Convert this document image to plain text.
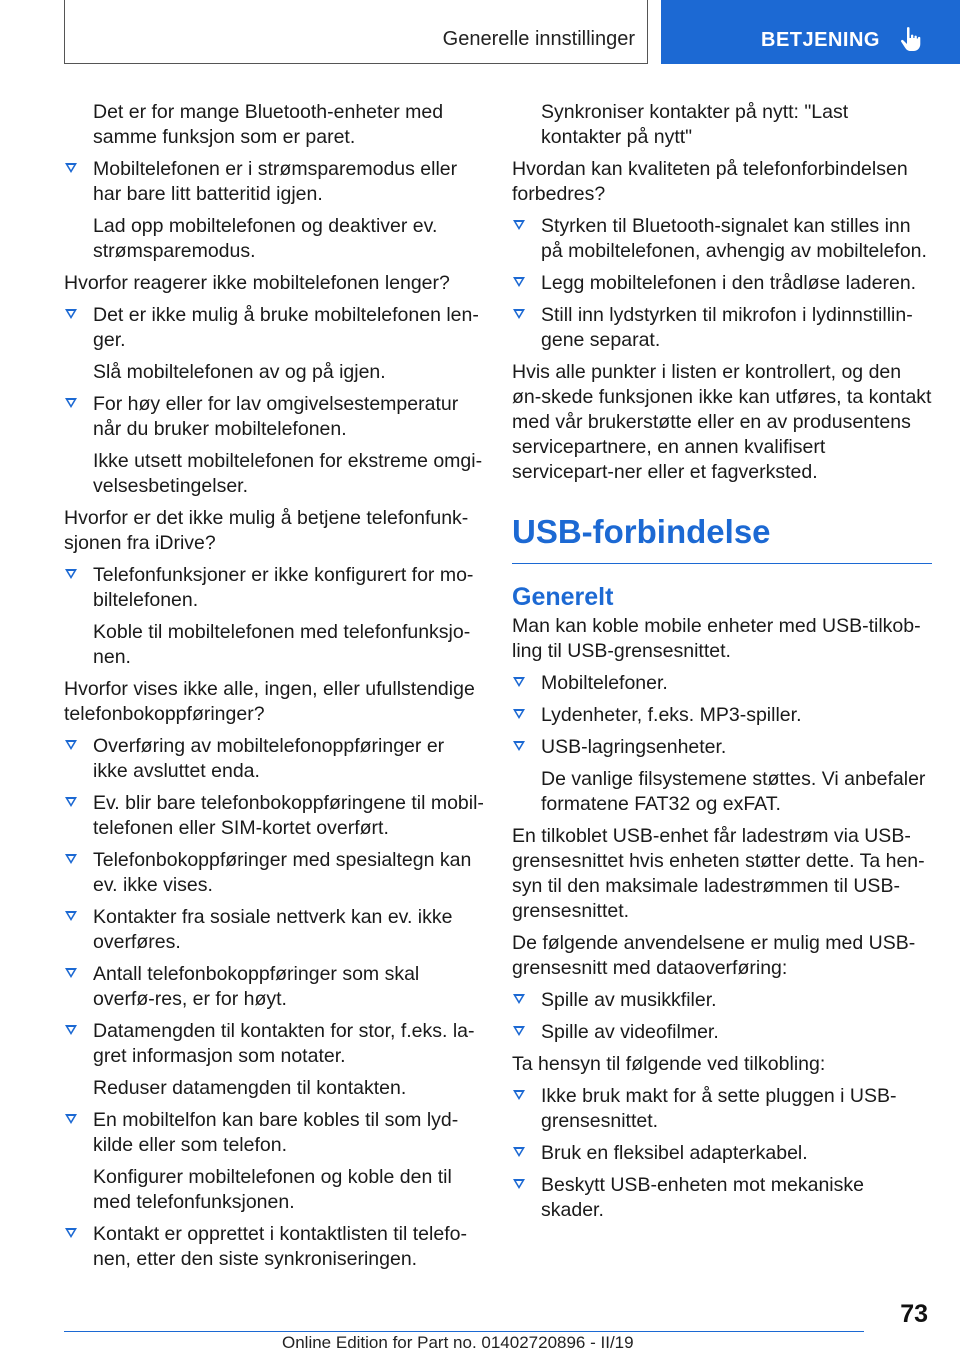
Generelle innstillinger	BETJENING

Det er for mange Bluetooth‐enheter med samme funksjon som er paret.

Mobiltelefonen er i strømsparemodus eller har bare litt batteritid igjen.

Lad opp mobiltelefonen og deaktiver ev. strømsparemodus.

Hvorfor reagerer ikke mobiltelefonen lenger?

Det er ikke mulig å bruke mobiltelefonen len‐ger.

Slå mobiltelefonen av og på igjen.

For høy eller for lav omgivelsestemperatur når du bruker mobiltelefonen.

Ikke utsett mobiltelefonen for ekstreme omgi‐velsesbetingelser.

Hvorfor er det ikke mulig å betjene telefonfunk‐sjonen fra iDrive?

Telefonfunksjoner er ikke konfigurert for mo‐biltelefonen.

Koble til mobiltelefonen med telefonfunksjo‐nen.

Hvorfor vises ikke alle, ingen, eller ufullstendige telefonbokoppføringer?

Overføring av mobiltelefonoppføringer er ikke avsluttet enda.
Ev. blir bare telefonbokoppføringene til mobil‐telefonen eller SIM‐kortet overført.
Telefonbokoppføringer med spesialtegn kan ev. ikke vises.
Kontakter fra sosiale nettverk kan ev. ikke overføres.
Antall telefonbokoppføringer som skal overfø‐res, er for høyt.
Datamengden til kontakten for stor, f.eks. la‐gret informasjon som notater.

Reduser datamengden til kontakten.

En mobiltelfon kan bare kobles til som lyd‐kilde eller som telefon.

Konfigurer mobiltelefonen og koble den til med telefonfunksjonen.

Kontakt er opprettet i kontaktlisten til telefo‐nen, etter den siste synkroniseringen.

Synkroniser kontakter på nytt: "Last kontakter på nytt"

Hvordan kan kvaliteten på telefonforbindelsen forbedres?

Styrken til Bluetooth‐signalet kan stilles inn på mobiltelefonen, avhengig av mobiltelefon.
Legg mobiltelefonen i den trådløse laderen.
Still inn lydstyrken til mikrofon i lydinnstillin‐gene separat.

Hvis alle punkter i listen er kontrollert, og den øn‐skede funksjonen ikke kan utføres, ta kontakt med vår brukerstøtte eller en av produsentens servicepartnere, en annen kvalifisert servicepart‐ner eller et fagverksted.

USB‐forbindelse
Generelt

Man kan koble mobile enheter med USB‐tilkob‐ling til USB‐grensesnittet.

Mobiltelefoner.
Lydenheter, f.eks. MP3‐spiller.
USB‐lagringsenheter.

De vanlige filsystemene støttes. Vi anbefaler formatene FAT32 og exFAT.

En tilkoblet USB‐enhet får ladestrøm via USB‐grensesnittet hvis enheten støtter dette. Ta hen‐syn til den maksimale ladestrømmen til USB‐grensesnittet.

De følgende anvendelsene er mulig med USB‐grensesnitt med dataoverføring:

Spille av musikkfiler.
Spille av videofilmer.

Ta hensyn til følgende ved tilkobling:

Ikke bruk makt for å sette pluggen i USB‐grensesnittet.
Bruk en fleksibel adapterkabel.
Beskytt USB‐enheten mot mekaniske skader.
73
Online Edition for Part no. 01402720896 - II/19
